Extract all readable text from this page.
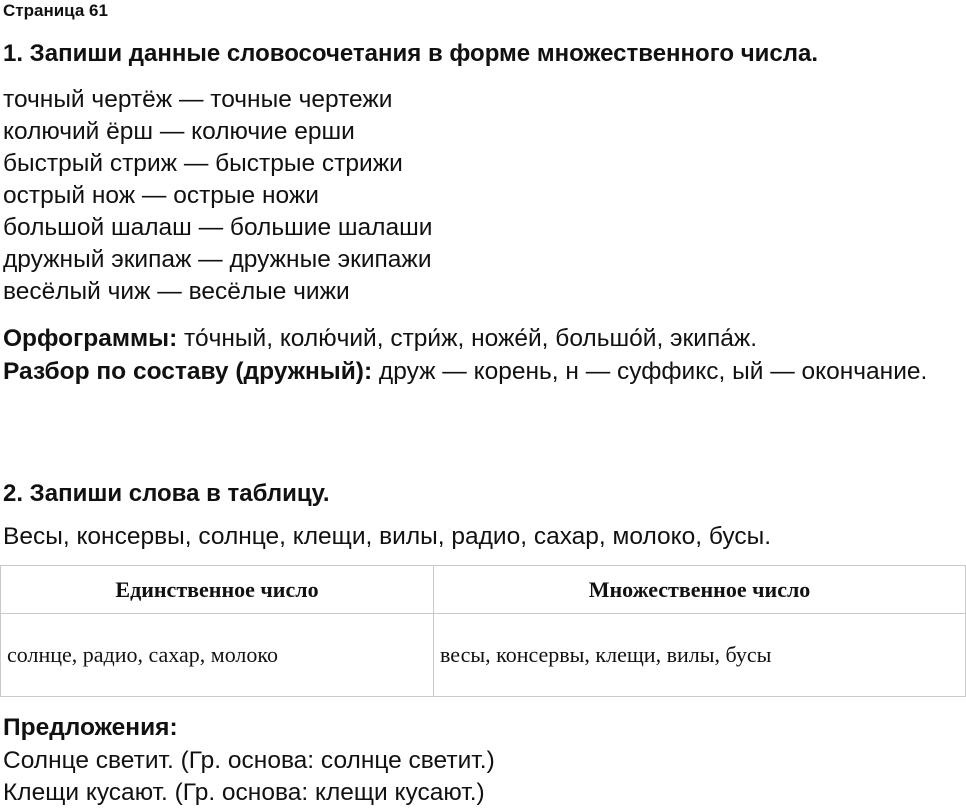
Страница 61
1. Запиши данные словосочетания в форме множественного числа.
точный чертёж — точные чертежи
колючий ёрш — колючие ерши
быстрый стриж — быстрые стрижи
острый нож — острые ножи
большой шалаш — большие шалаши
дружный экипаж — дружные экипажи
весёлый чиж — весёлые чижи

Орфограммы: то́чный, колю́чий, стри́ж, ноже́й, большо́й, экипа́ж.

Разбор по составу (дружный): друж — корень, н — суффикс, ый — окончание.

2. Запиши слова в таблицу.

Весы, консервы, солнце, клещи, вилы, радио, сахар, молоко, бусы.

Единственное число	Множественное число
солнце, радио, сахар, молоко	весы, консервы, клещи, вилы, бусы

Предложения:

Солнце светит. (Гр. основа: солнце светит.)
Клещи кусают. (Гр. основа: клещи кусают.)
